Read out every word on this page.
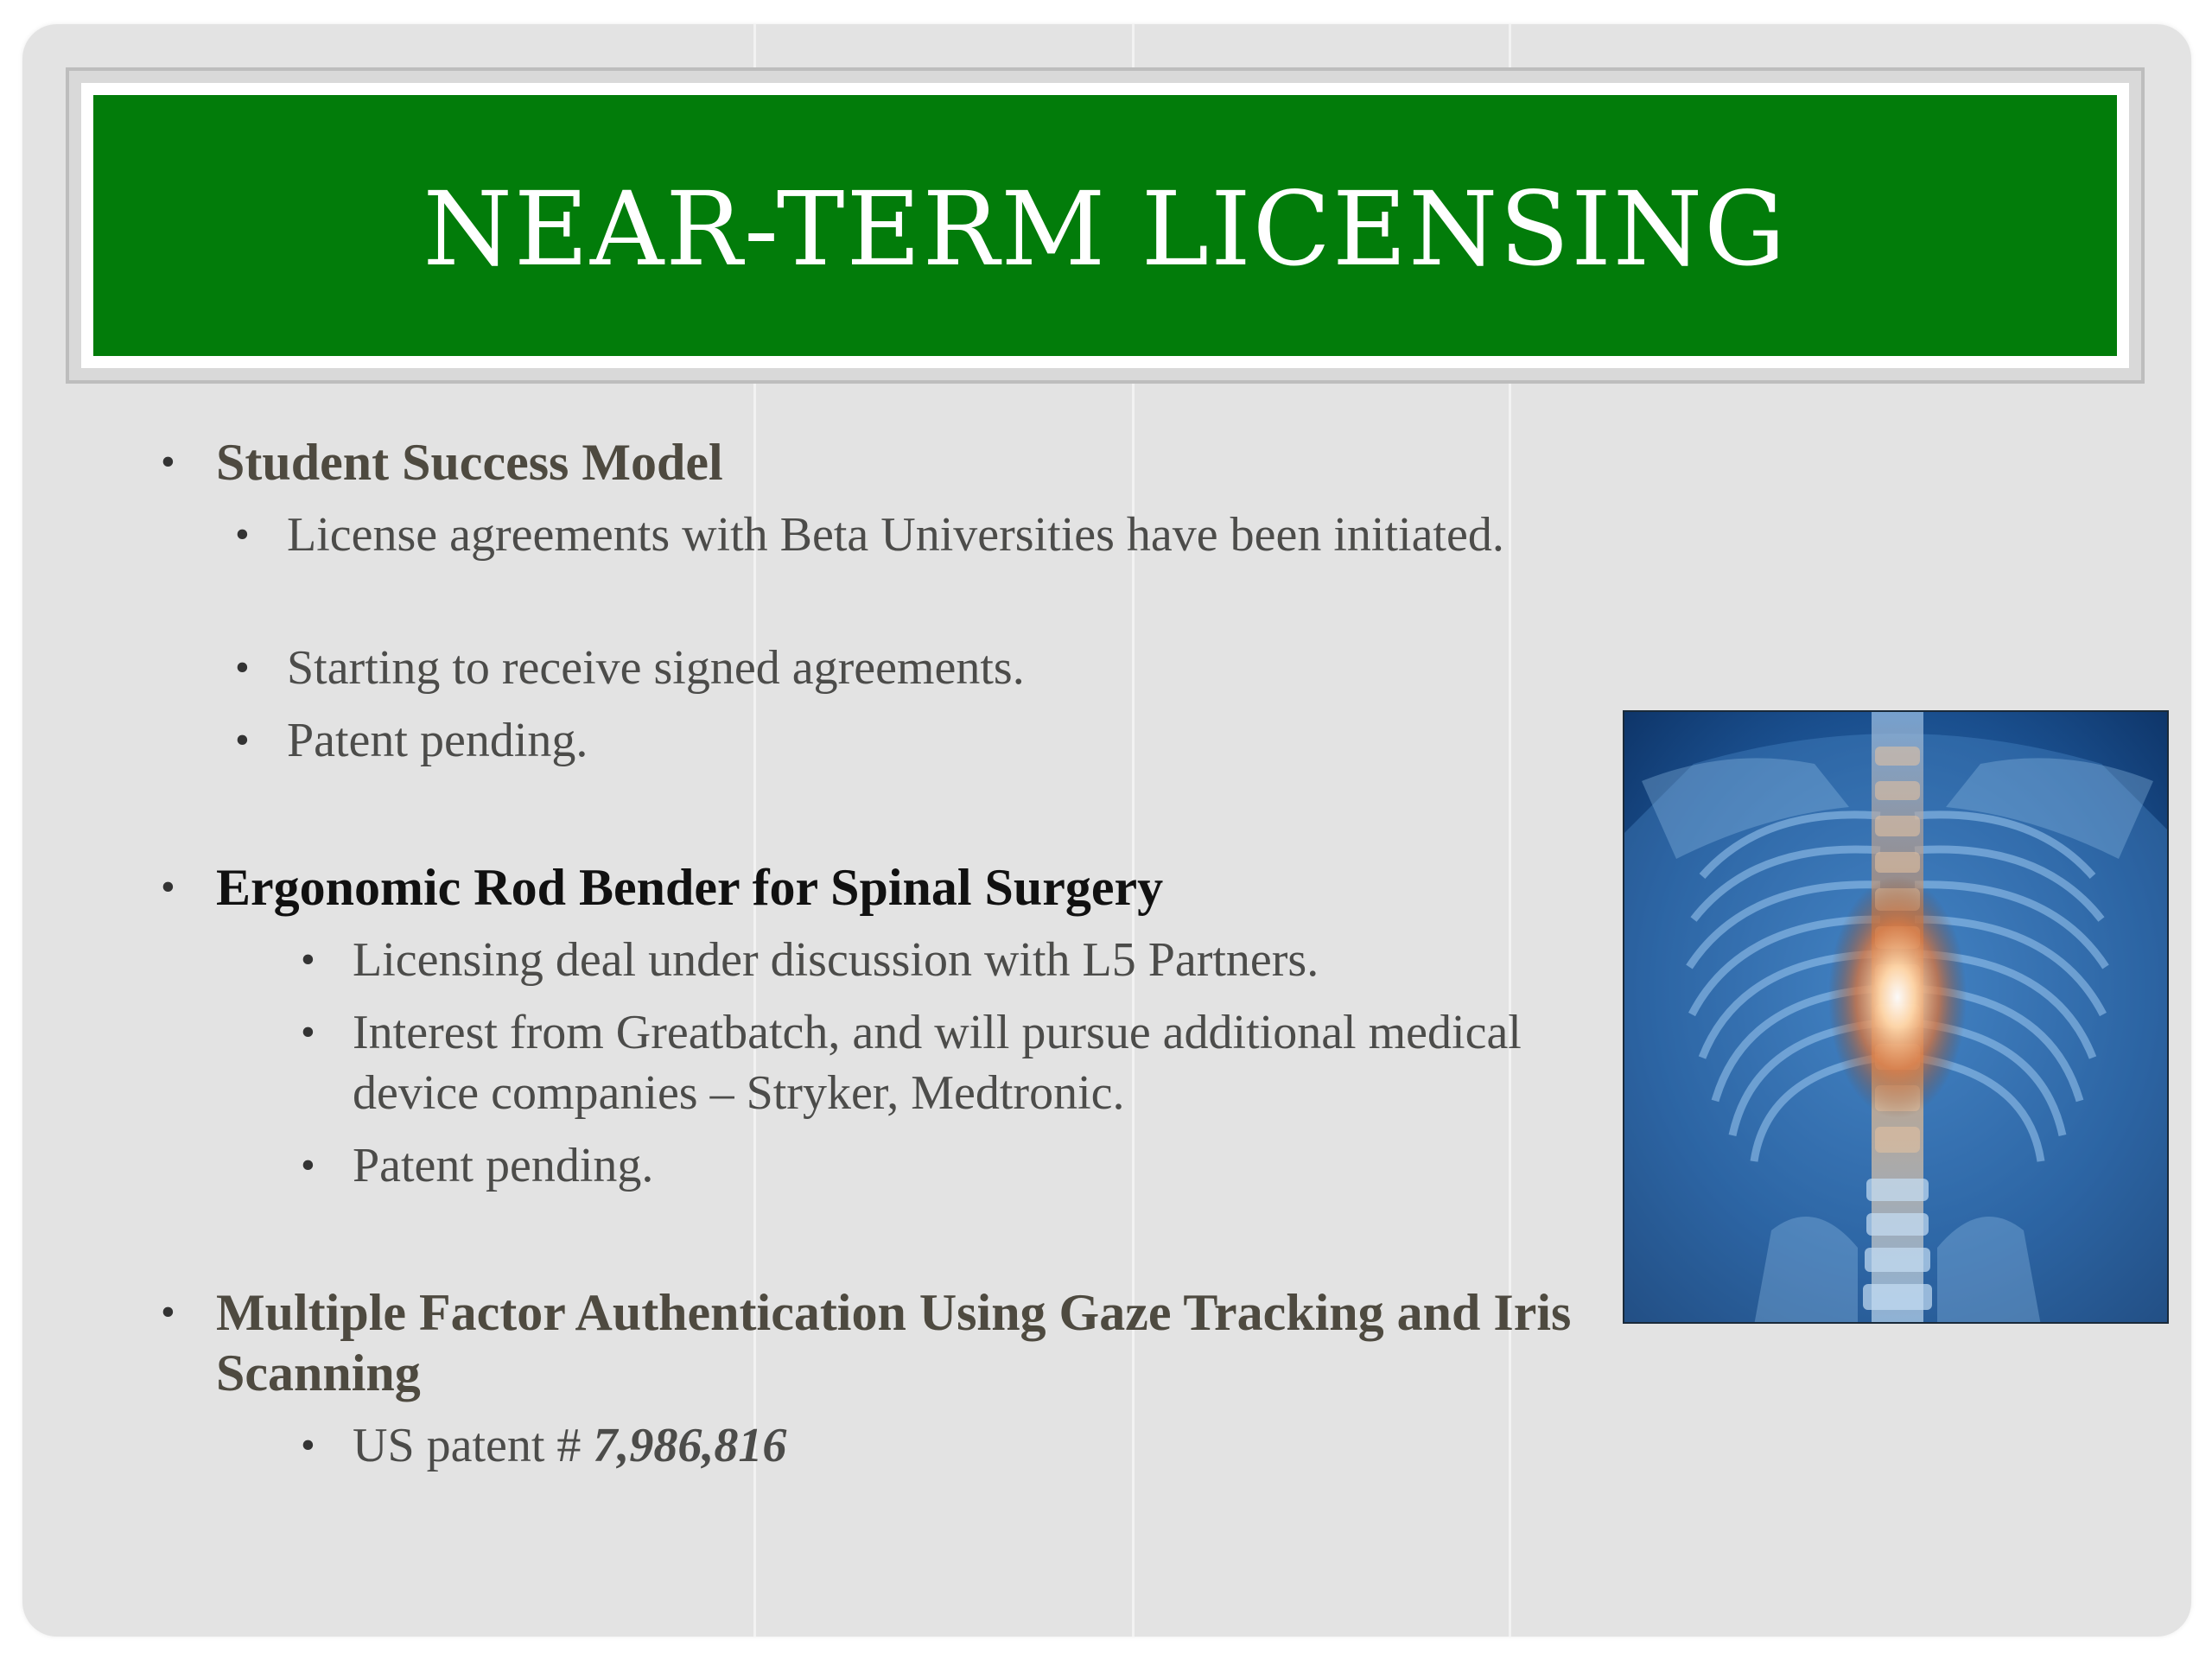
NEAR-TERM LICENSING
• Student Success Model
• License agreements with Beta Universities have been initiated.
• Starting to receive signed agreements.
• Patent pending.
• Ergonomic Rod Bender for Spinal Surgery
• Licensing deal under discussion with L5 Partners.
• Interest from Greatbatch, and will pursue additional medical device companies – Stryker, Medtronic.
• Patent pending.
• Multiple Factor Authentication Using Gaze Tracking and Iris Scanning
• US patent # 7,986,816
